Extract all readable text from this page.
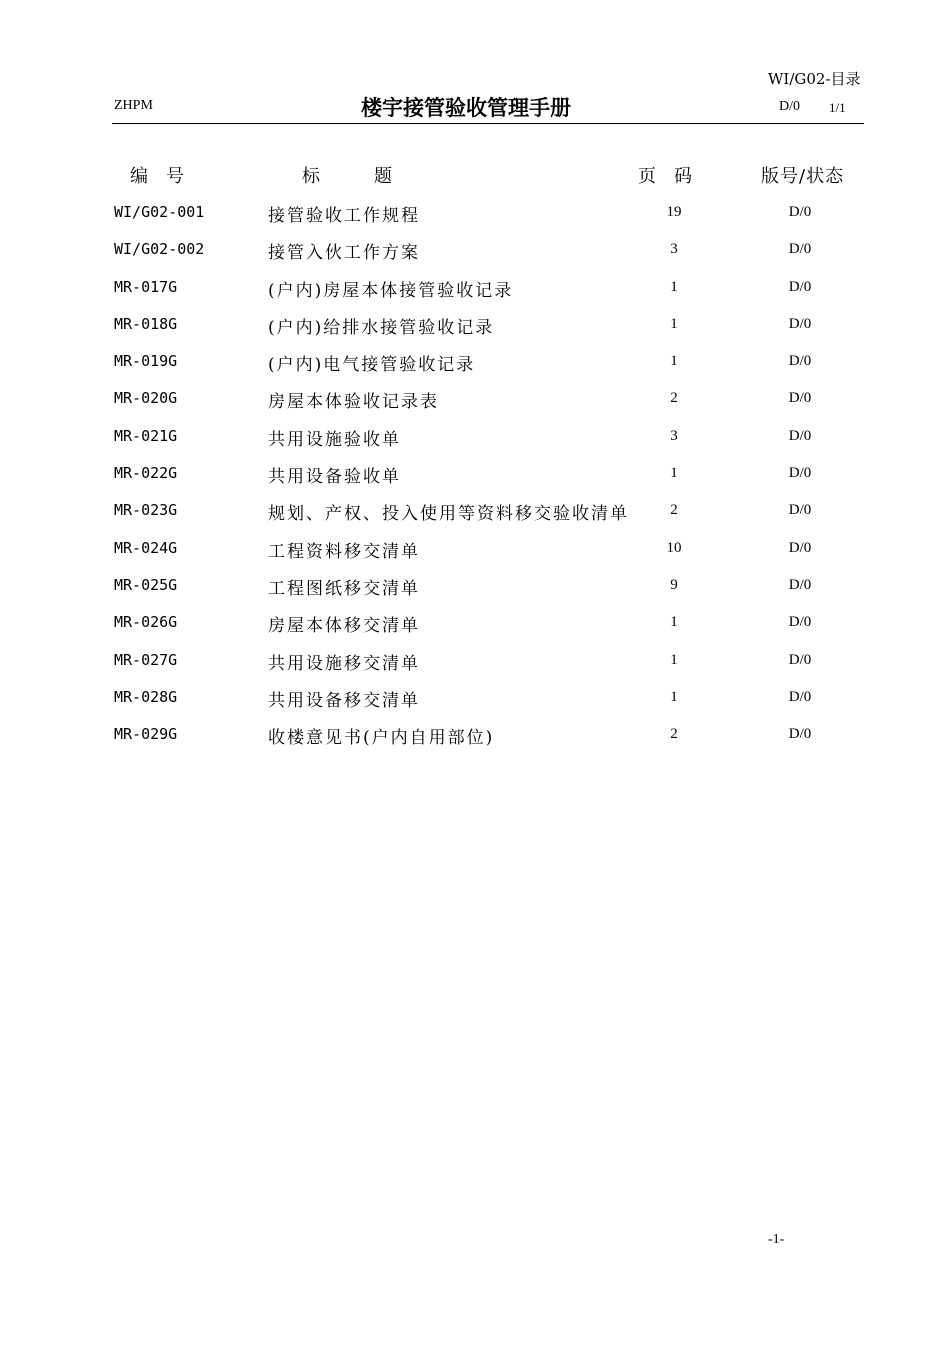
WI/G02-目录
ZHPM	楼宇接管验收管理手册	D/0 1/1
编　号	标　　　题	页　码	版号/状态
WI/G02-001	接管验收工作规程	19	D/0
WI/G02-002	接管入伙工作方案	3	D/0
MR-017G	(户内)房屋本体接管验收记录	1	D/0
MR-018G	(户内)给排水接管验收记录	1	D/0
MR-019G	(户内)电气接管验收记录	1	D/0
MR-020G	房屋本体验收记录表	2	D/0
MR-021G	共用设施验收单	3	D/0
MR-022G	共用设备验收单	1	D/0
MR-023G	规划、产权、投入使用等资料移交验收清单	2	D/0
MR-024G	工程资料移交清单	10	D/0
MR-025G	工程图纸移交清单	9	D/0
MR-026G	房屋本体移交清单	1	D/0
MR-027G	共用设施移交清单	1	D/0
MR-028G	共用设备移交清单	1	D/0
MR-029G	收楼意见书(户内自用部位)	2	D/0
-1-
